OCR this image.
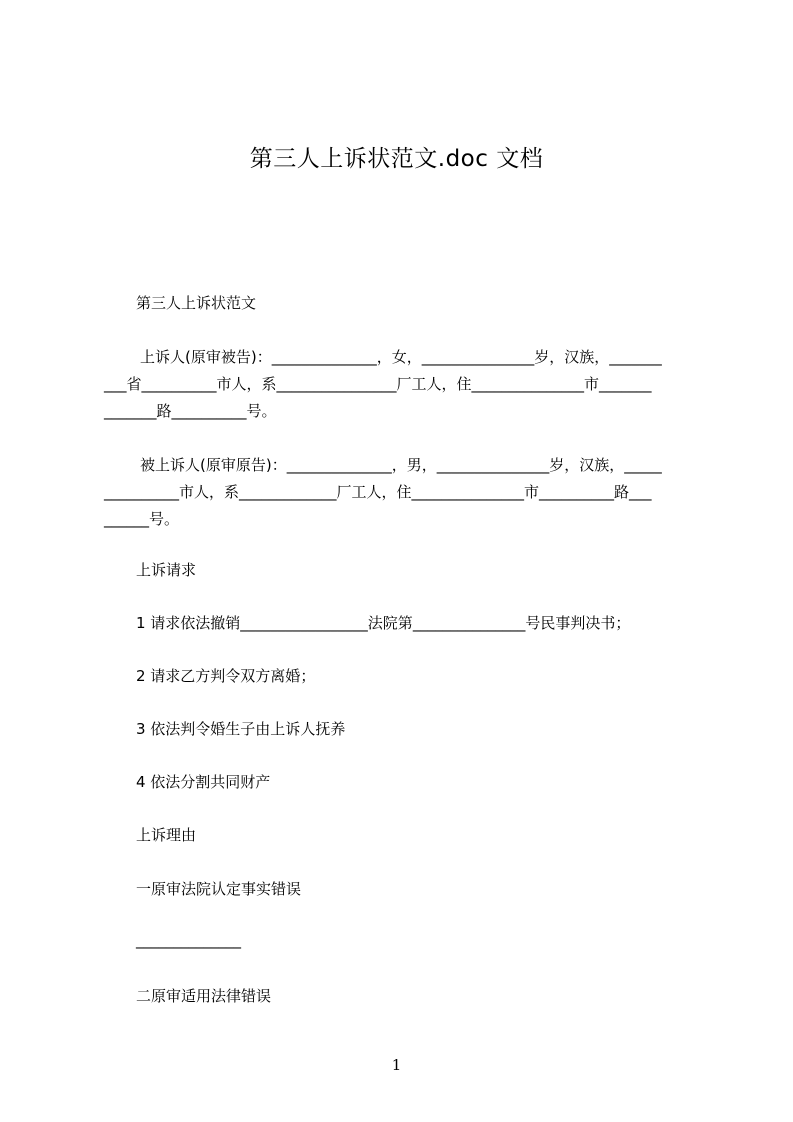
第三人上诉状范文.doc 文档
第三人上诉状范文
上诉人(原审被告)：______________，女，_______________岁，汉族，_______
___省__________市人，系________________厂工人，住_______________市_______
_______路__________号。
被上诉人(原审原告)：______________，男，_______________岁，汉族，_____
__________市人，系_____________厂工人，住_______________市__________路___
______号。
上诉请求
1 请求依法撤销_________________法院第_______________号民事判决书；
2 请求乙方判令双方离婚；
3 依法判令婚生子由上诉人抚养
4 依法分割共同财产
上诉理由
一原审法院认定事实错误
______________
二原审适用法律错误
1
